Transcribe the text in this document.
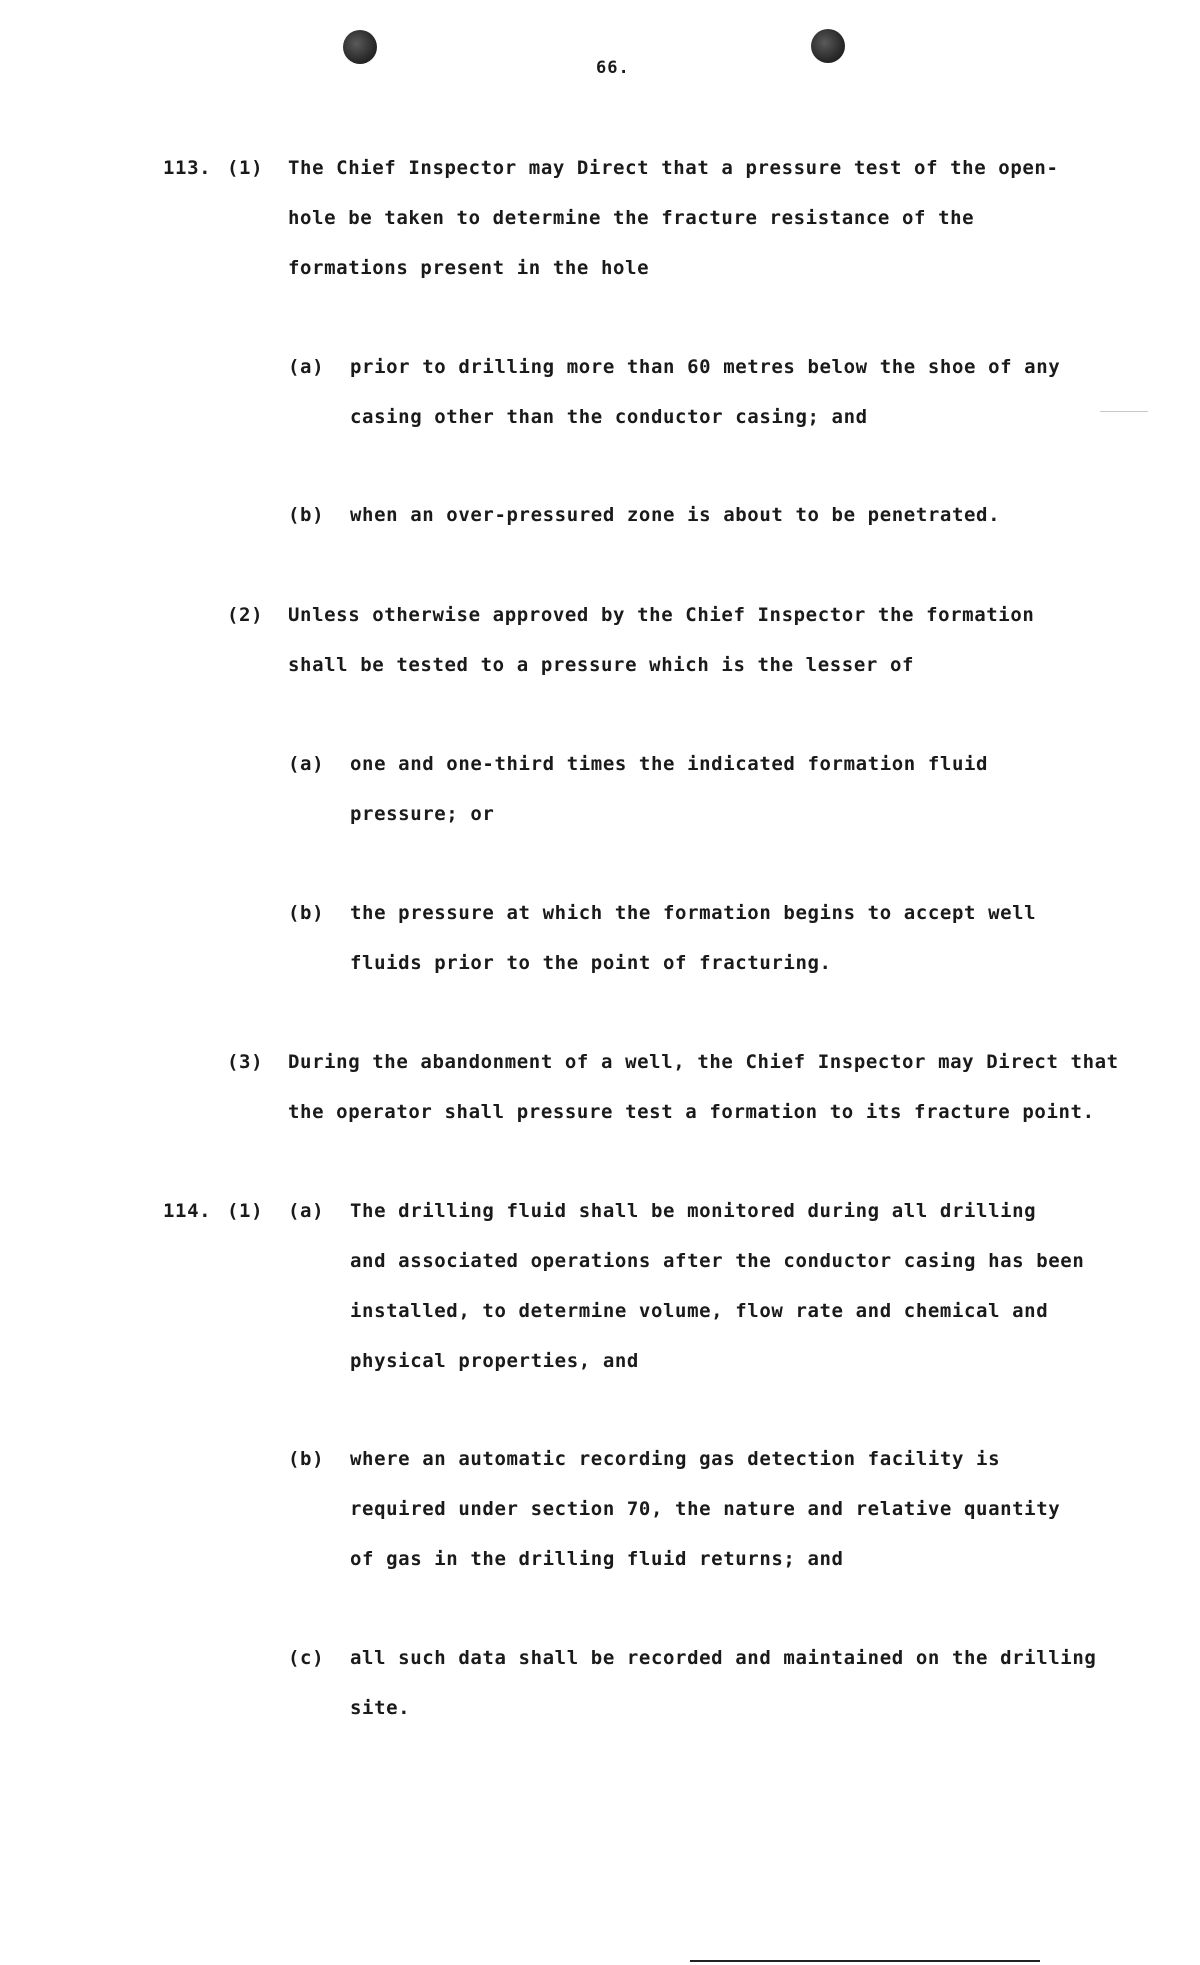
66.
113. (1) The Chief Inspector may Direct that a pressure test of the open-
hole be taken to determine the fracture resistance of the
formations present in the hole
(a) prior to drilling more than 60 metres below the shoe of any
casing other than the conductor casing; and
(b) when an over-pressured zone is about to be penetrated.
(2) Unless otherwise approved by the Chief Inspector the formation
shall be tested to a pressure which is the lesser of
(a) one and one-third times the indicated formation fluid
pressure; or
(b) the pressure at which the formation begins to accept well
fluids prior to the point of fracturing.
(3) During the abandonment of a well, the Chief Inspector may Direct that
the operator shall pressure test a formation to its fracture point.
114. (1) (a) The drilling fluid shall be monitored during all drilling
and associated operations after the conductor casing has been
installed, to determine volume, flow rate and chemical and
physical properties, and
(b) where an automatic recording gas detection facility is
required under section 70, the nature and relative quantity
of gas in the drilling fluid returns; and
(c) all such data shall be recorded and maintained on the drilling
site.
